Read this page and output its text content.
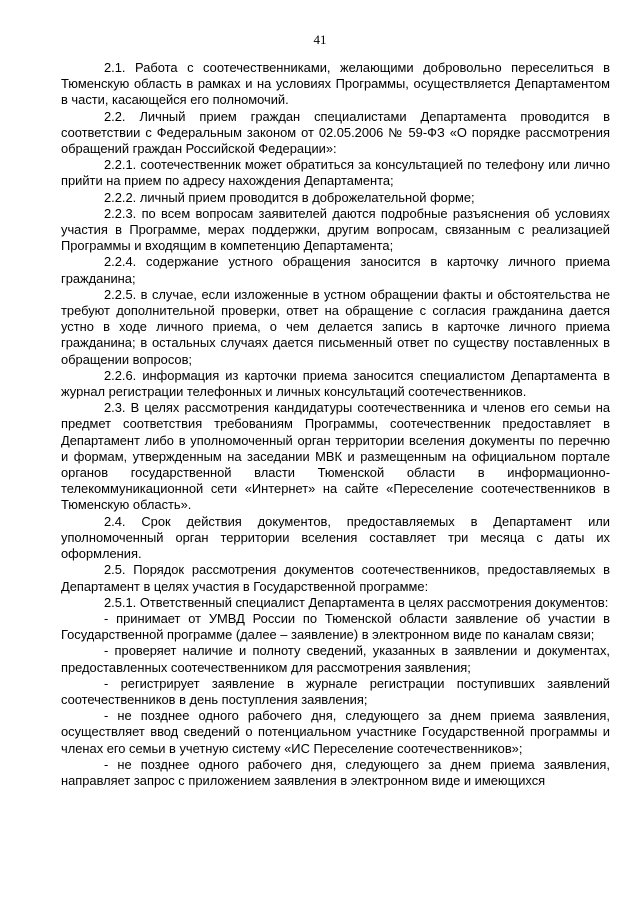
41

2.1. Работа с соотечественниками, желающими добровольно переселиться в Тюменскую область в рамках и на условиях Программы, осуществляется Департаментом в части, касающейся его полномочий.

2.2. Личный прием граждан специалистами Департамента проводится в соответствии с Федеральным законом от 02.05.2006 № 59-ФЗ «О порядке рассмотрения обращений граждан Российской Федерации»:

2.2.1. соотечественник может обратиться за консультацией по телефону или лично прийти на прием по адресу нахождения Департамента;

2.2.2. личный прием проводится в доброжелательной форме;

2.2.3. по всем вопросам заявителей даются подробные разъяснения об условиях участия в Программе, мерах поддержки, другим вопросам, связанным с реализацией Программы и входящим в компетенцию Департамента;

2.2.4. содержание устного обращения заносится в карточку личного приема гражданина;

2.2.5. в случае, если изложенные в устном обращении факты и обстоятельства не требуют дополнительной проверки, ответ на обращение с согласия гражданина дается устно в ходе личного приема, о чем делается запись в карточке личного приема гражданина; в остальных случаях дается письменный ответ по существу поставленных в обращении вопросов;

2.2.6. информация из карточки приема заносится специалистом Департамента в журнал регистрации телефонных и личных консультаций соотечественников.

2.3. В целях рассмотрения кандидатуры соотечественника и членов его семьи на предмет соответствия требованиям Программы, соотечественник предоставляет в Департамент либо в уполномоченный орган территории вселения документы по перечню и формам, утвержденным на заседании МВК и размещенным на официальном портале органов государственной власти Тюменской области в информационно-телекоммуникационной сети «Интернет» на сайте «Переселение соотечественников в Тюменскую область».

2.4. Срок действия документов, предоставляемых в Департамент или уполномоченный орган территории вселения составляет три месяца с даты их оформления.

2.5. Порядок рассмотрения документов соотечественников, предоставляемых в Департамент в целях участия в Государственной программе:

2.5.1. Ответственный специалист Департамента в целях рассмотрения документов:

- принимает от УМВД России по Тюменской области заявление об участии в Государственной программе (далее – заявление) в электронном виде по каналам связи;

- проверяет наличие и полноту сведений, указанных в заявлении и документах, предоставленных соотечественником для рассмотрения заявления;

- регистрирует заявление в журнале регистрации поступивших заявлений соотечественников в день поступления заявления;

- не позднее одного рабочего дня, следующего за днем приема заявления, осуществляет ввод сведений о потенциальном участнике Государственной программы и членах его семьи в учетную систему «ИС Переселение соотечественников»;

- не позднее одного рабочего дня, следующего за днем приема заявления, направляет запрос с приложением заявления в электронном виде и имеющихся
